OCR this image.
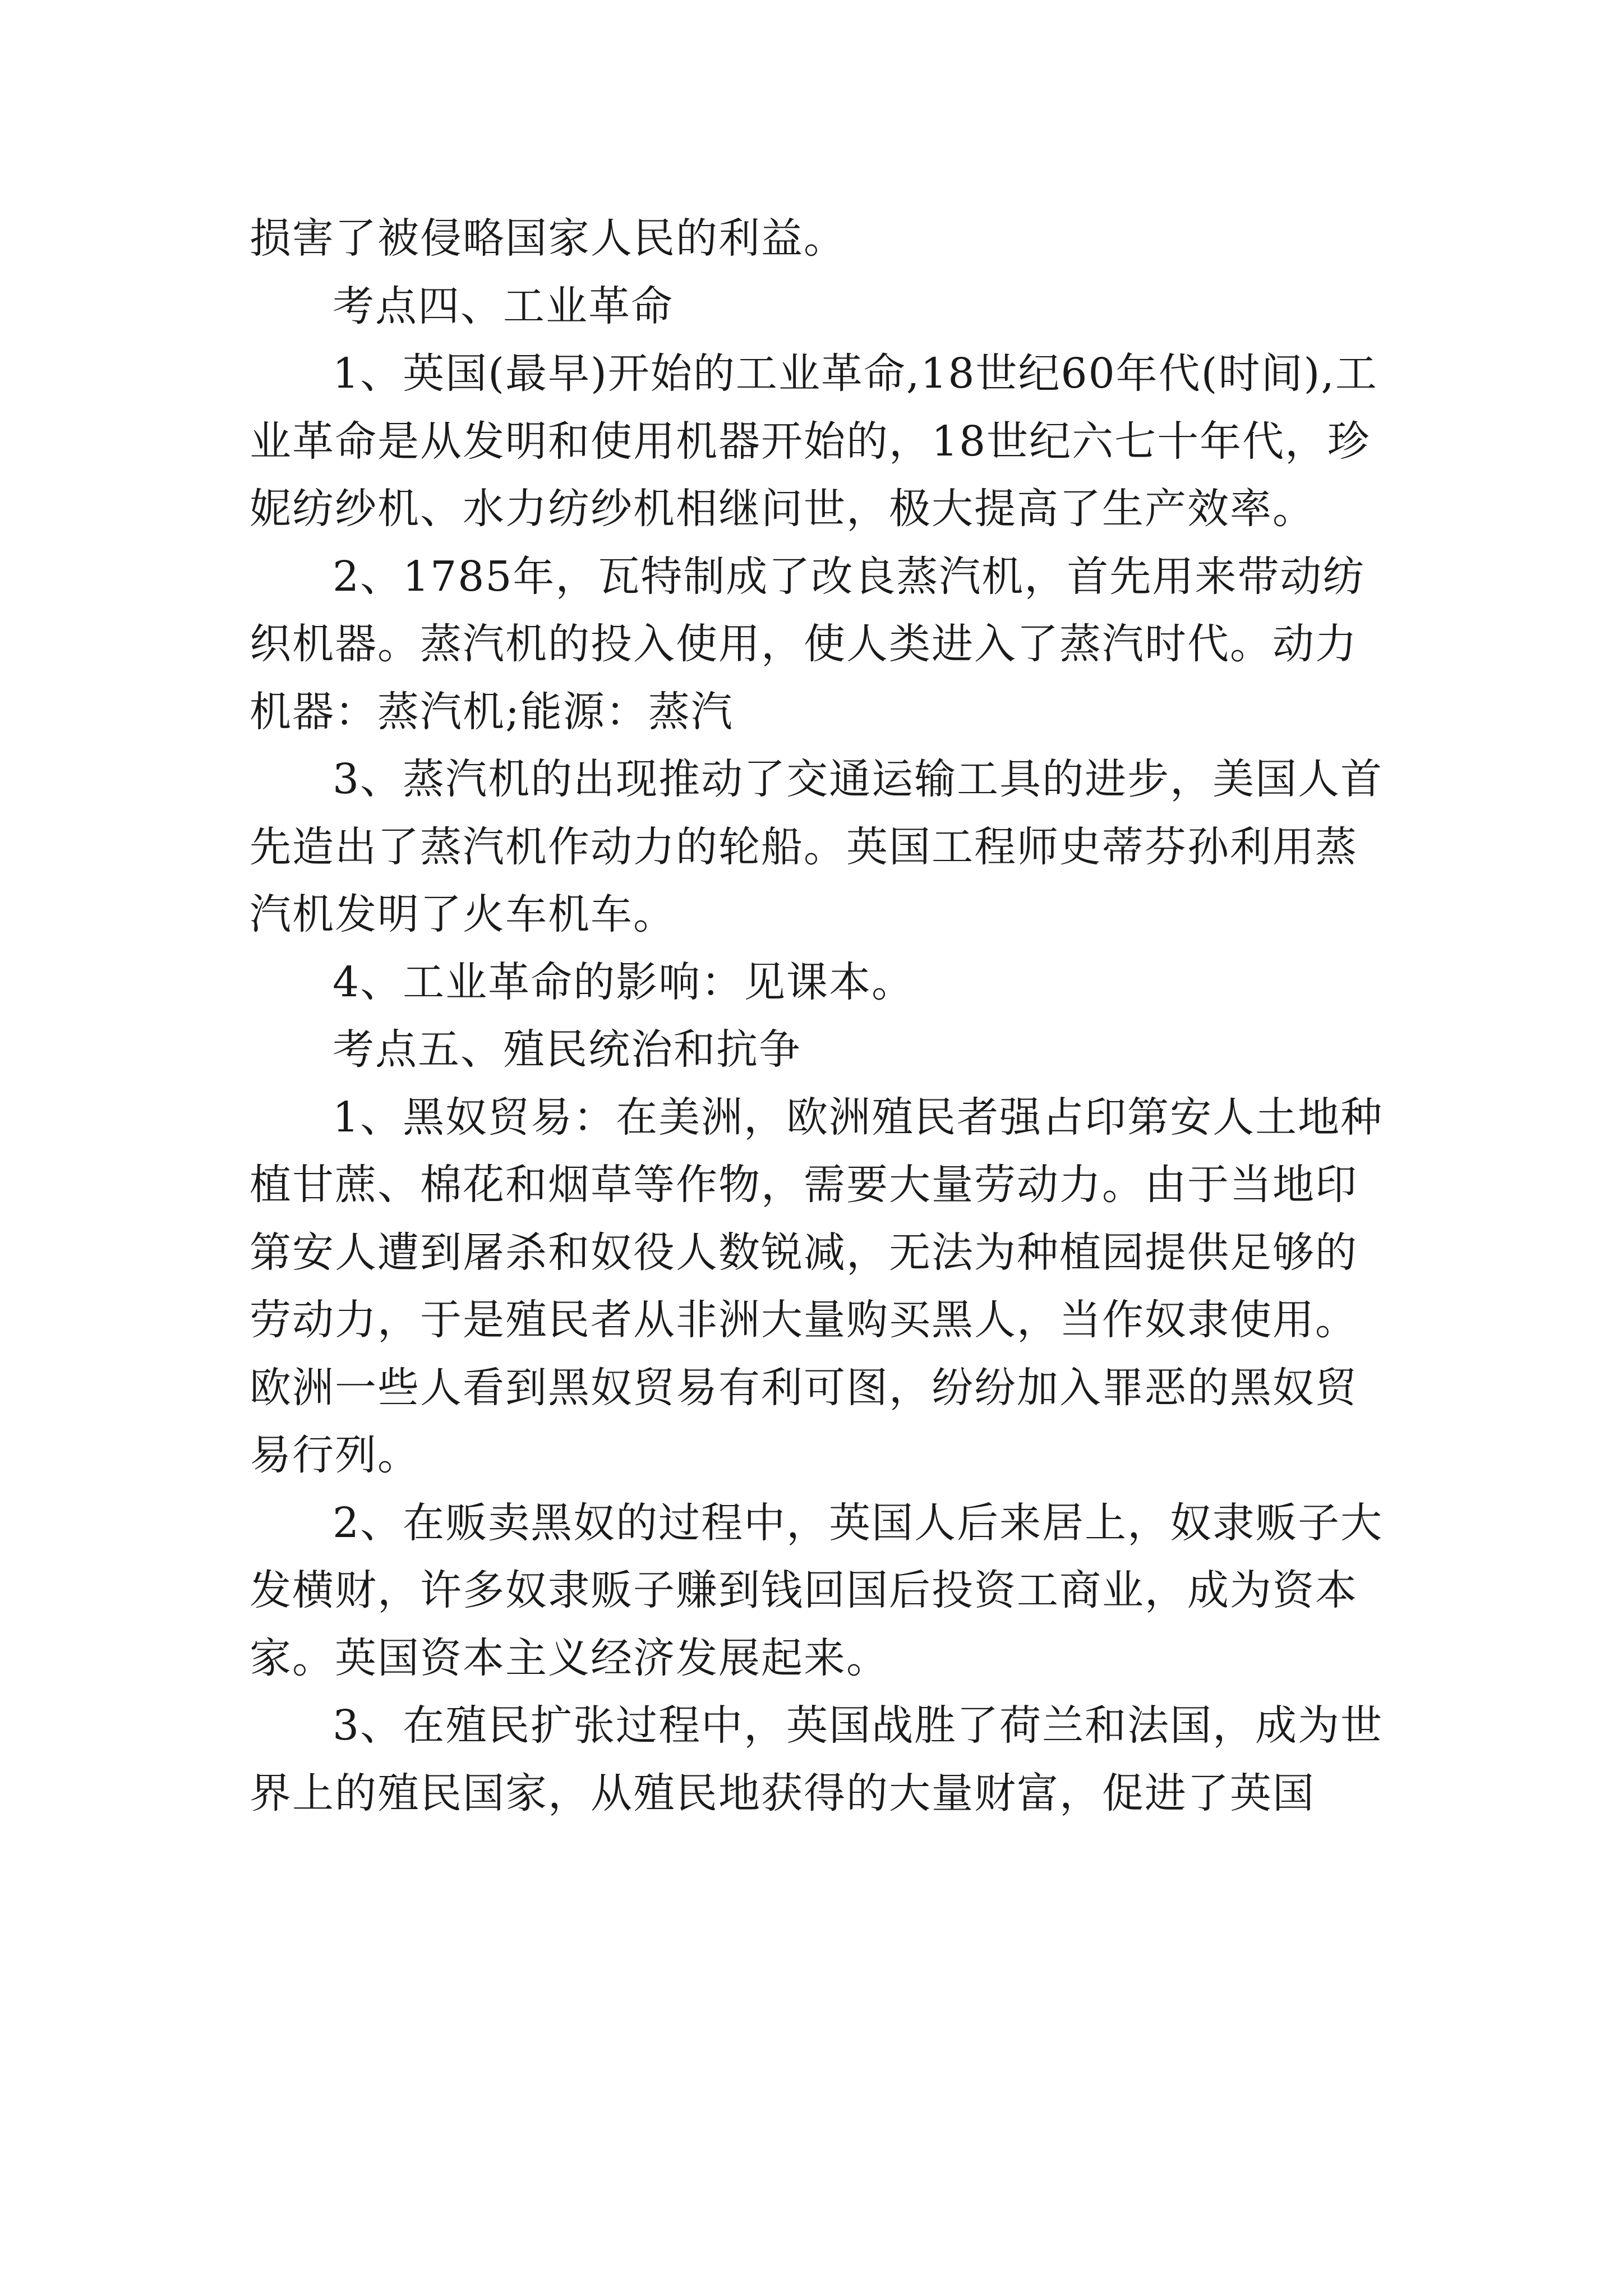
损害了被侵略国家人民的利益。

考点四、工业革命

1、英国(最早)开始的工业革命,18世纪60年代(时间),工业革命是从发明和使用机器开始的，18世纪六七十年代，珍妮纺纱机、水力纺纱机相继问世，极大提高了生产效率。

2、1785年，瓦特制成了改良蒸汽机，首先用来带动纺织机器。蒸汽机的投入使用，使人类进入了蒸汽时代。动力机器：蒸汽机;能源：蒸汽

3、蒸汽机的出现推动了交通运输工具的进步，美国人首先造出了蒸汽机作动力的轮船。英国工程师史蒂芬孙利用蒸汽机发明了火车机车。

4、工业革命的影响：见课本。

考点五、殖民统治和抗争

1、黑奴贸易：在美洲，欧洲殖民者强占印第安人土地种植甘蔗、棉花和烟草等作物，需要大量劳动力。由于当地印第安人遭到屠杀和奴役人数锐减，无法为种植园提供足够的劳动力，于是殖民者从非洲大量购买黑人，当作奴隶使用。欧洲一些人看到黑奴贸易有利可图，纷纷加入罪恶的黑奴贸易行列。

2、在贩卖黑奴的过程中，英国人后来居上，奴隶贩子大发横财，许多奴隶贩子赚到钱回国后投资工商业，成为资本家。英国资本主义经济发展起来。

3、在殖民扩张过程中，英国战胜了荷兰和法国，成为世界上的殖民国家，从殖民地获得的大量财富，促进了英国
